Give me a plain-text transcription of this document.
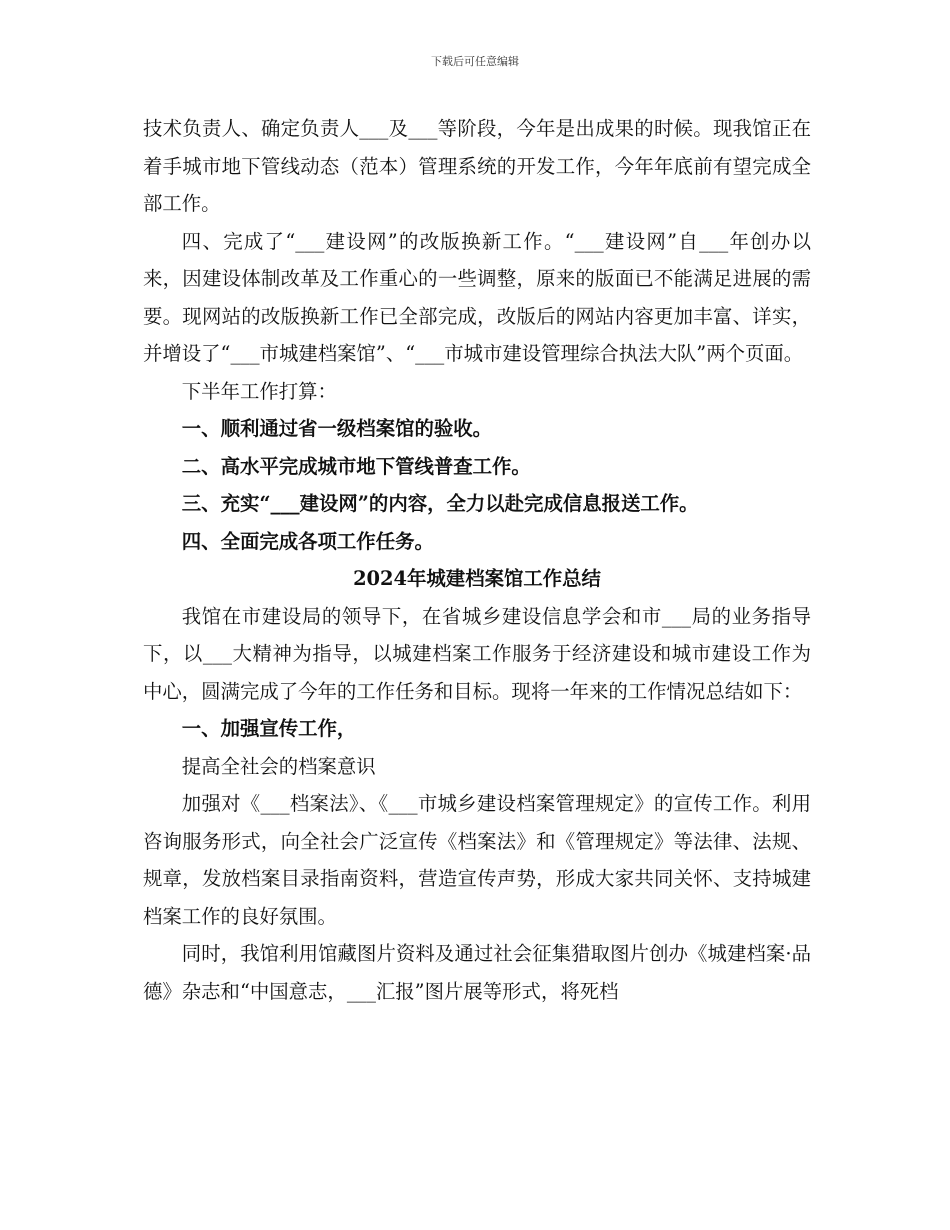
下载后可任意编辑

技术负责人、确定负责人___及___等阶段，今年是出成果的时候。现我馆正在着手城市地下管线动态（范本）管理系统的开发工作，今年年底前有望完成全部工作。

四、完成了“___建设网”的改版换新工作。“___建设网”自___年创办以来，因建设体制改革及工作重心的一些调整，原来的版面已不能满足进展的需要。现网站的改版换新工作已全部完成，改版后的网站内容更加丰富、详实，并增设了“___市城建档案馆”、“___市城市建设管理综合执法大队”两个页面。

下半年工作打算：

一、顺利通过省一级档案馆的验收。

二、高水平完成城市地下管线普查工作。

三、充实“___建设网”的内容，全力以赴完成信息报送工作。

四、全面完成各项工作任务。

2024年城建档案馆工作总结

我馆在市建设局的领导下，在省城乡建设信息学会和市___局的业务指导下，以___大精神为指导，以城建档案工作服务于经济建设和城市建设工作为中心，圆满完成了今年的工作任务和目标。现将一年来的工作情况总结如下：

一、加强宣传工作，

提高全社会的档案意识

加强对《___档案法》、《___市城乡建设档案管理规定》的宣传工作。利用咨询服务形式，向全社会广泛宣传《档案法》和《管理规定》等法律、法规、规章，发放档案目录指南资料，营造宣传声势，形成大家共同关怀、支持城建档案工作的良好氛围。

同时，我馆利用馆藏图片资料及通过社会征集猎取图片创办《城建档案·品德》杂志和“中国意志，___汇报”图片展等形式，将死档
